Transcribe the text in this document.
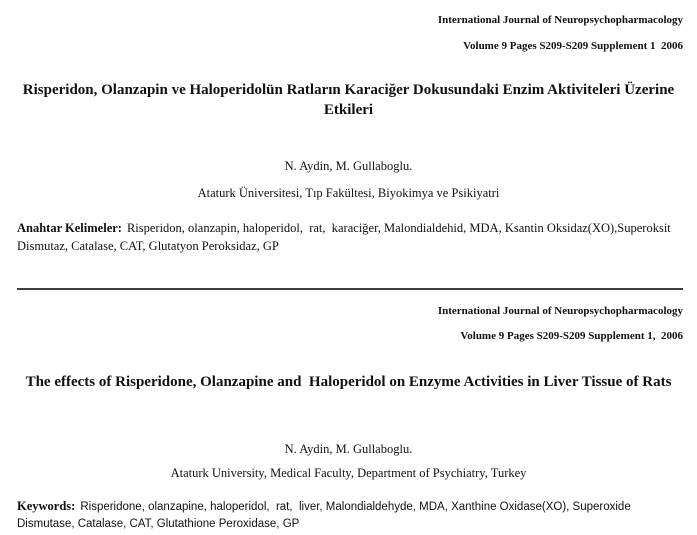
International Journal of Neuropsychopharmacology
Volume 9 Pages S209-S209 Supplement 1  2006
Risperidon, Olanzapin ve Haloperidolün Ratların Karaciğer Dokusundaki Enzim Aktiviteleri Üzerine Etkileri
N. Aydin, M. Gullaboglu.
Ataturk Üniversitesi, Tıp Fakültesi, Biyokimya ve Psikiyatri

Anahtar Kelimeler: Risperidon, olanzapin, haloperidol,  rat,  karaciğer, Malondialdehid, MDA, Ksantin Oksidaz(XO),Superoksit Dismutaz, Catalase, CAT, Glutatyon Peroksidaz, GP

International Journal of Neuropsychopharmacology
Volume 9 Pages S209-S209 Supplement 1,  2006
The effects of Risperidone, Olanzapine and  Haloperidol on Enzyme Activities in Liver Tissue of Rats
N. Aydin, M. Gullaboglu.
Ataturk University, Medical Faculty, Department of Psychiatry, Turkey

Keywords: Risperidone, olanzapine, haloperidol,  rat,  liver, Malondialdehyde, MDA, Xanthine Oxidase(XO), Superoxide Dismutase, Catalase, CAT, Glutathione Peroxidase, GP
